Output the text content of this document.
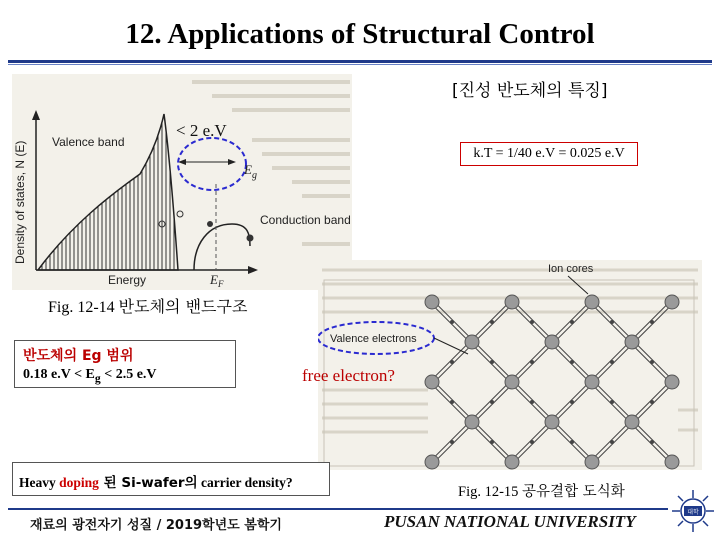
12. Applications of Structural Control
Density of states, N (E) Valence band
Conduction band
< 2 e.V
$E_g$
Energy	$E_F$
[진성 반도체의 특징]
k.T = 1/40 e.V = 0.025 e.V
Fig. 12-14 반도체의 밴드구조
Ion cores
Valence electrons
반도체의 Eg 범위
0.18 $e.V < E_g < 2.5$ e.V	free electron?
Heavy doping 된 Si-wafer의 carrier density?
Fig. 12-15 공유결합 도식화
재료의 광전자기 성질 / 2019학년도 봄학기	PUSAN NATIONAL UNIVERSITY	대학
